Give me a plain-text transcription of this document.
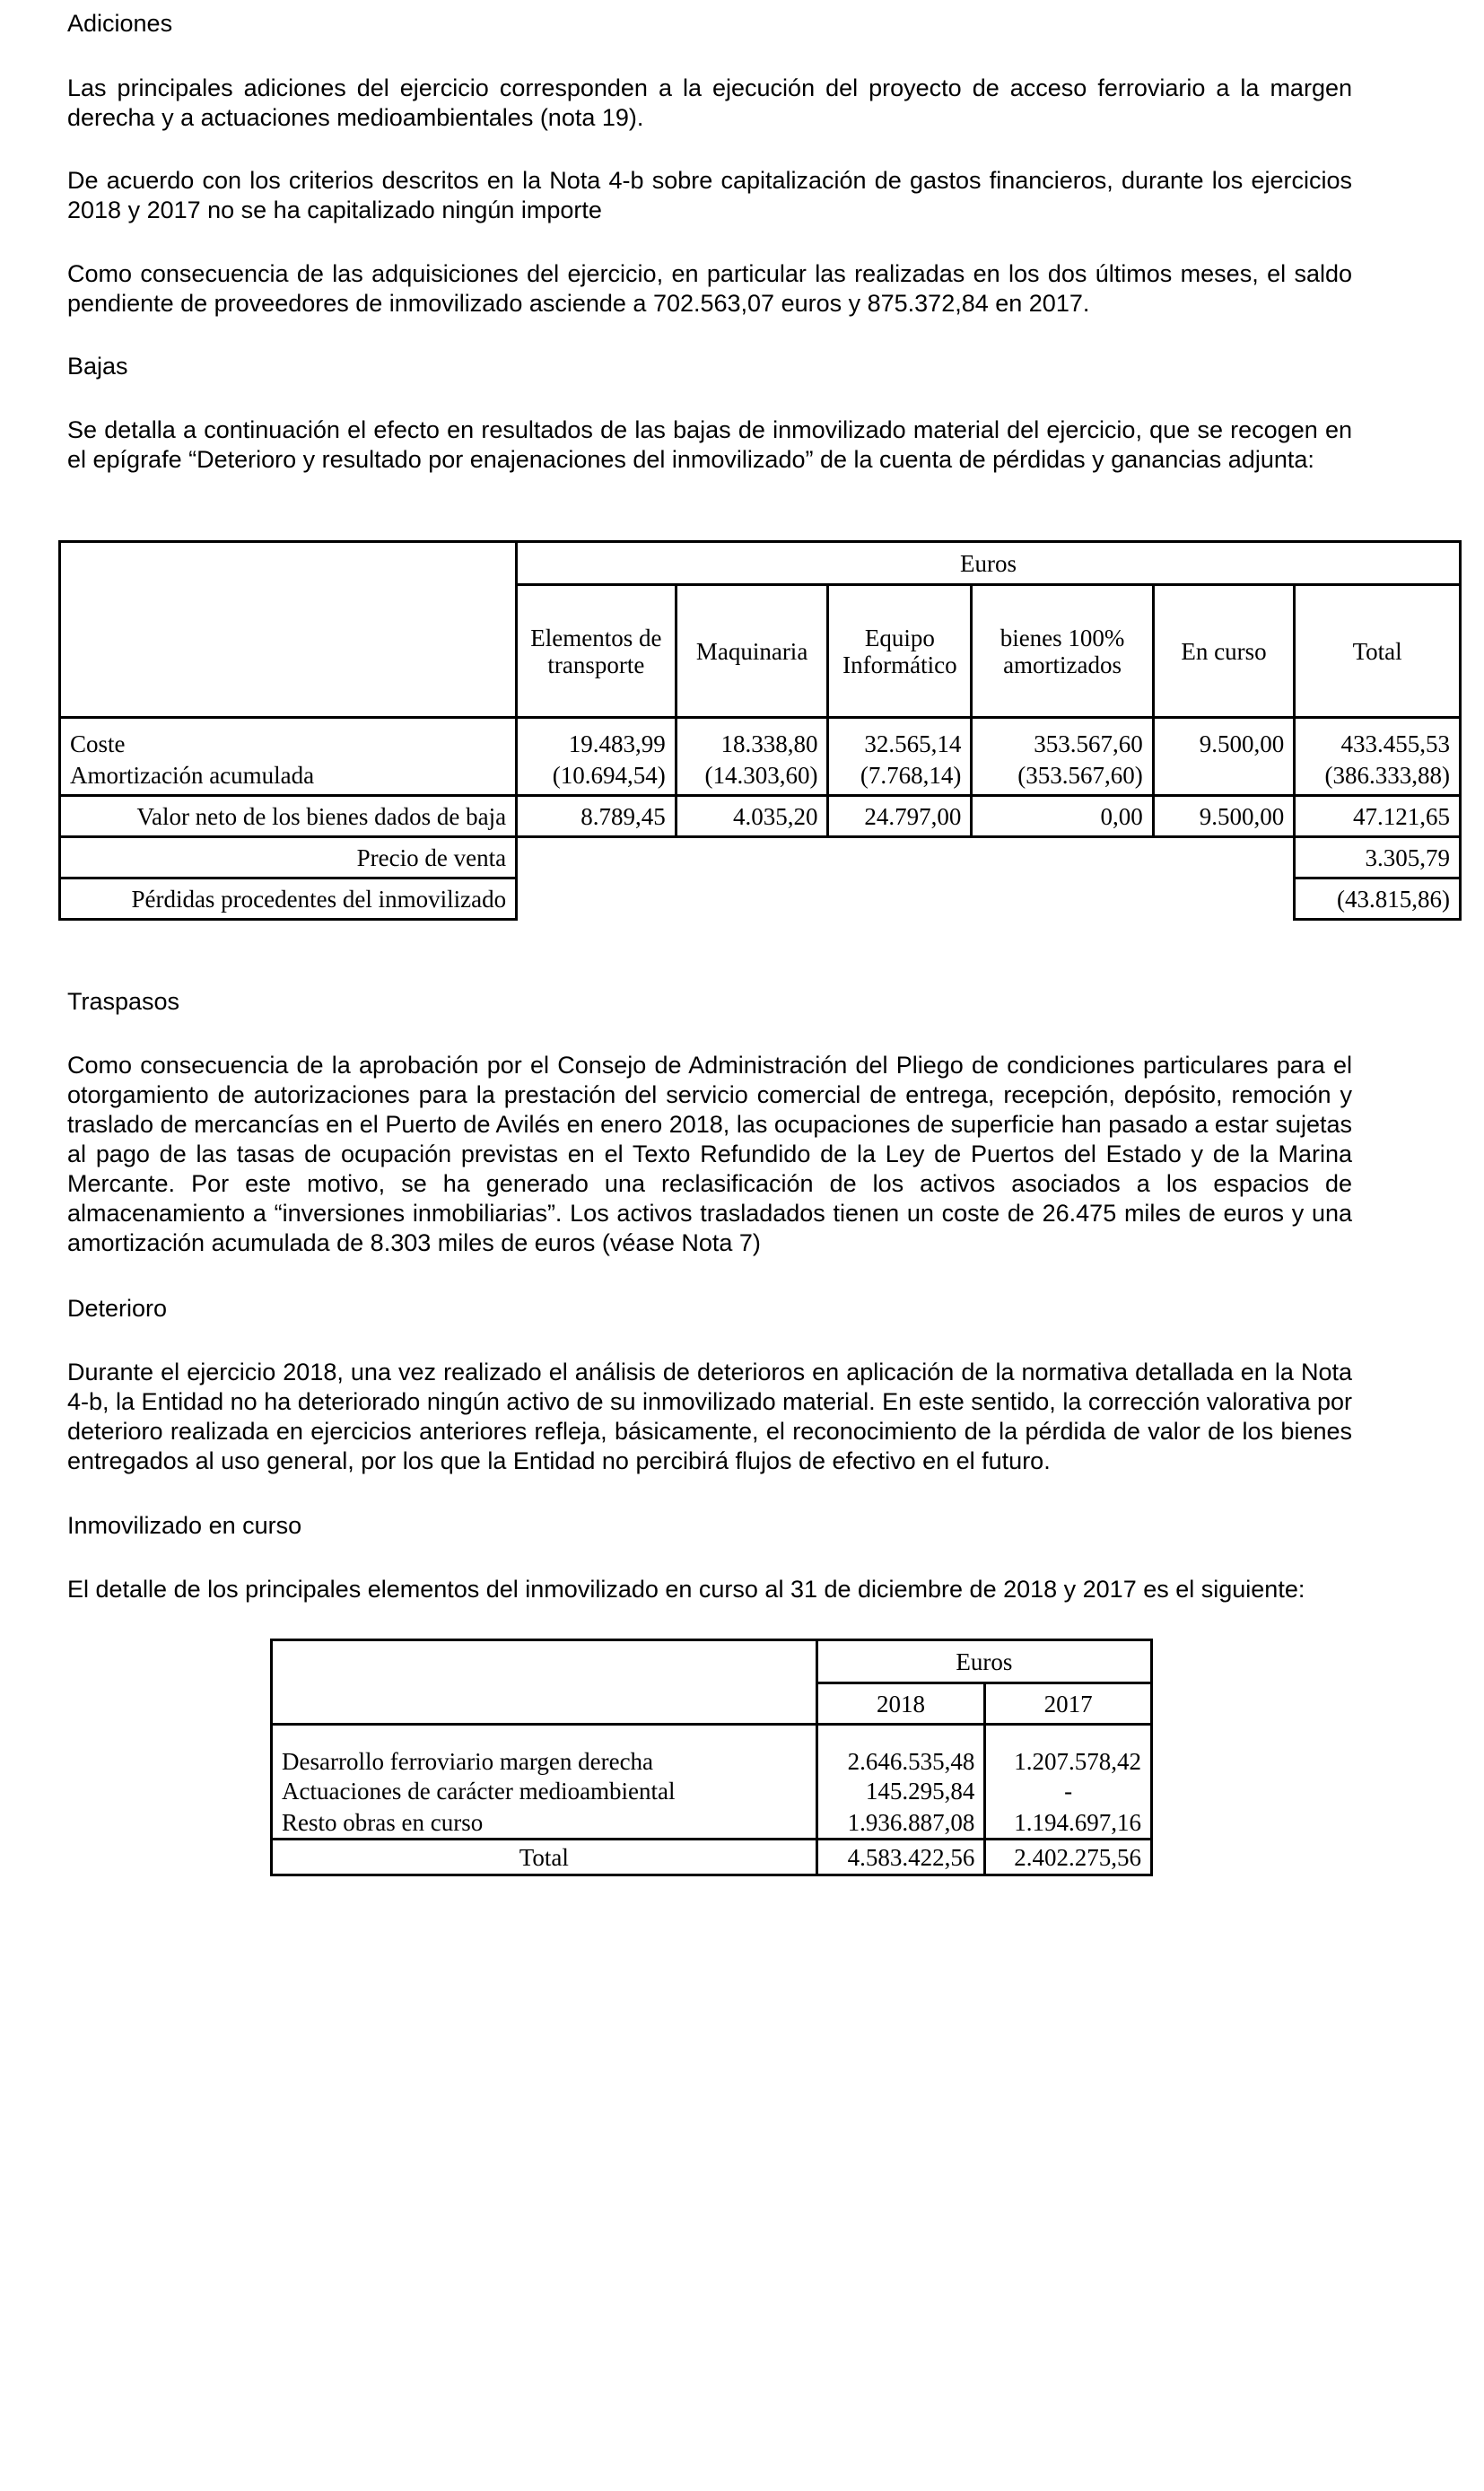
Adiciones

Las principales adiciones del ejercicio corresponden a la ejecución del proyecto de acceso ferroviario a la margen derecha y a actuaciones medioambientales (nota 19).

De acuerdo con los criterios descritos en la Nota 4-b sobre capitalización de gastos financieros, durante los ejercicios 2018 y 2017 no se ha capitalizado ningún importe

Como consecuencia de las adquisiciones del ejercicio, en particular las realizadas en los dos últimos meses, el saldo pendiente de proveedores de inmovilizado asciende a 702.563,07 euros y 875.372,84 en 2017.

Bajas

Se detalla a continuación el efecto en resultados de las bajas de inmovilizado material del ejercicio, que se recogen en el epígrafe “Deterioro y resultado por enajenaciones del inmovilizado” de la cuenta de pérdidas y ganancias adjunta:

	Euros					
	Elementos de transporte	Maquinaria	Equipo Informático	bienes 100% amortizados	En curso	Total
Coste	19.483,99	18.338,80	32.565,14	353.567,60	9.500,00	433.455,53
Amortización acumulada	(10.694,54)	(14.303,60)	(7.768,14)	(353.567,60)		(386.333,88)
Valor neto de los bienes dados de baja	8.789,45	4.035,20	24.797,00	0,00	9.500,00	47.121,65
Precio de venta						3.305,79
Pérdidas procedentes del inmovilizado						(43.815,86)

Traspasos

Como consecuencia de la aprobación por el Consejo de Administración del Pliego de condiciones particulares para el otorgamiento de autorizaciones para la prestación del servicio comercial de entrega, recepción, depósito, remoción y traslado de mercancías en el Puerto de Avilés en enero 2018, las ocupaciones de superficie han pasado a estar sujetas al pago de las tasas de ocupación previstas en el Texto Refundido de la Ley de Puertos del Estado y de la Marina Mercante. Por este motivo, se ha generado una reclasificación de los activos asociados a los espacios de almacenamiento a “inversiones inmobiliarias”. Los activos trasladados tienen un coste de 26.475 miles de euros y una amortización acumulada de 8.303 miles de euros (véase Nota 7)

Deterioro

Durante el ejercicio 2018, una vez realizado el análisis de deterioros en aplicación de la normativa detallada en la Nota 4-b, la Entidad no ha deteriorado ningún activo de su inmovilizado material. En este sentido, la corrección valorativa por deterioro realizada en ejercicios anteriores refleja, básicamente, el reconocimiento de la pérdida de valor de los bienes entregados al uso general, por los que la Entidad no percibirá flujos de efectivo en el futuro.

Inmovilizado en curso

El detalle de los principales elementos del inmovilizado en curso al 31 de diciembre de 2018 y 2017 es el siguiente:

	Euros	
	2018	2017
Desarrollo ferroviario margen derecha	2.646.535,48	1.207.578,42
Actuaciones de carácter medioambiental	145.295,84	-
Resto obras en curso	1.936.887,08	1.194.697,16
Total	4.583.422,56	2.402.275,56
